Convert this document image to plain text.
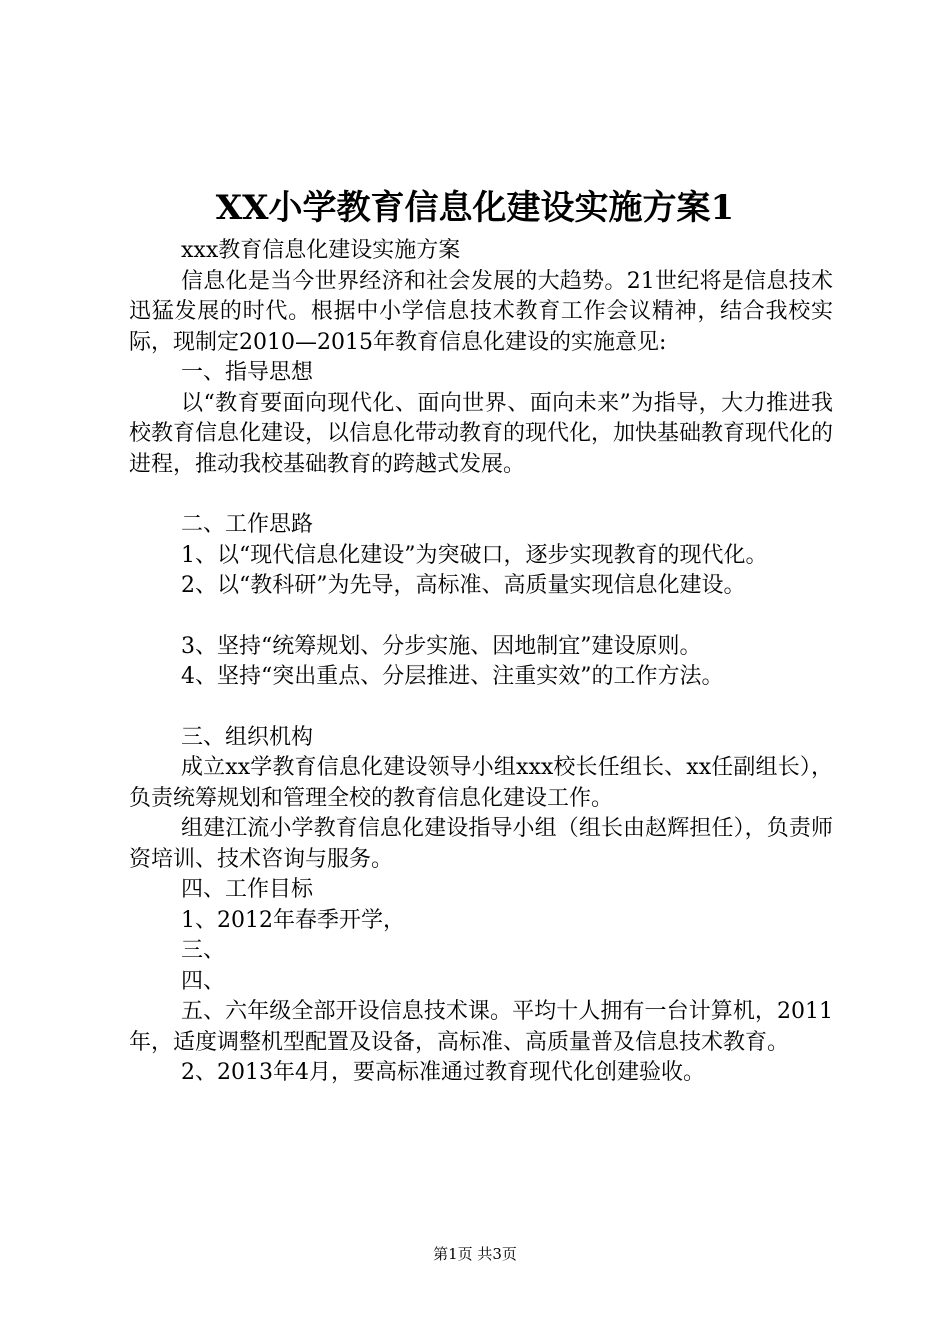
XX小学教育信息化建设实施方案1

xxx教育信息化建设实施方案

信息化是当今世界经济和社会发展的大趋势。21世纪将是信息技术迅猛发展的时代。根据中小学信息技术教育工作会议精神，结合我校实际，现制定2010—2015年教育信息化建设的实施意见:

一、指导思想

以“教育要面向现代化、面向世界、面向未来”为指导，大力推进我校教育信息化建设，以信息化带动教育的现代化，加快基础教育现代化的进程，推动我校基础教育的跨越式发展。

二、工作思路

1、以“现代信息化建设”为突破口，逐步实现教育的现代化。

2、以“教科研”为先导，高标准、高质量实现信息化建设。

3、坚持“统筹规划、分步实施、因地制宜”建设原则。

4、坚持“突出重点、分层推进、注重实效”的工作方法。

三、组织机构

成立xx学教育信息化建设领导小组xxx校长任组长、xx任副组长），负责统筹规划和管理全校的教育信息化建设工作。

组建江流小学教育信息化建设指导小组（组长由赵辉担任），负责师资培训、技术咨询与服务。

四、工作目标

1、2012年春季开学，

三、

四、

五、六年级全部开设信息技术课。平均十人拥有一台计算机，2011年，适度调整机型配置及设备，高标准、高质量普及信息技术教育。

2、2013年4月，要高标准通过教育现代化创建验收。

第1页 共3页
